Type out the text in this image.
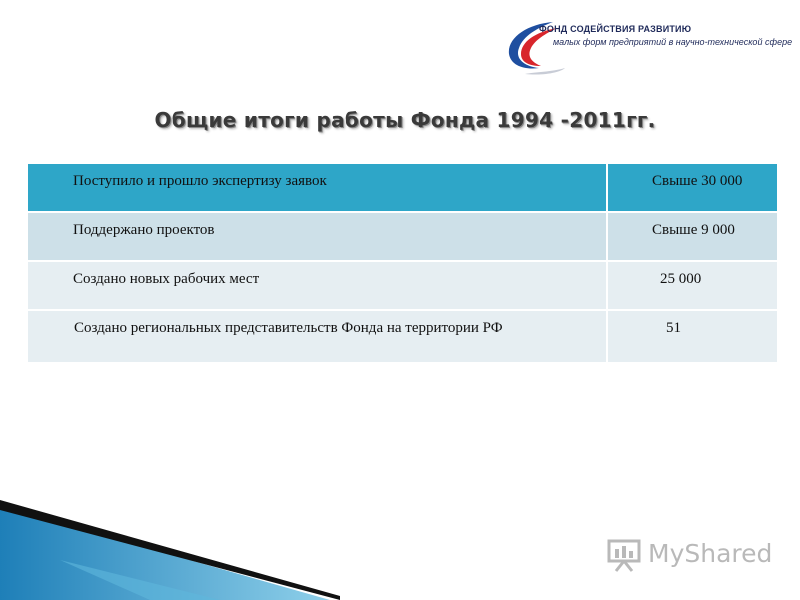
ФОНД СОДЕЙСТВИЯ РАЗВИТИЮ
малых форм предприятий в научно-технической сфере
Общие итоги работы Фонда 1994 -2011гг.
Поступило и прошло экспертизу заявок	Свыше 30 000

Поддержано проектов	Свыше 9 000

Создано новых рабочих мест	25 000

Создано региональных представительств Фонда на территории РФ	51
MyShared
